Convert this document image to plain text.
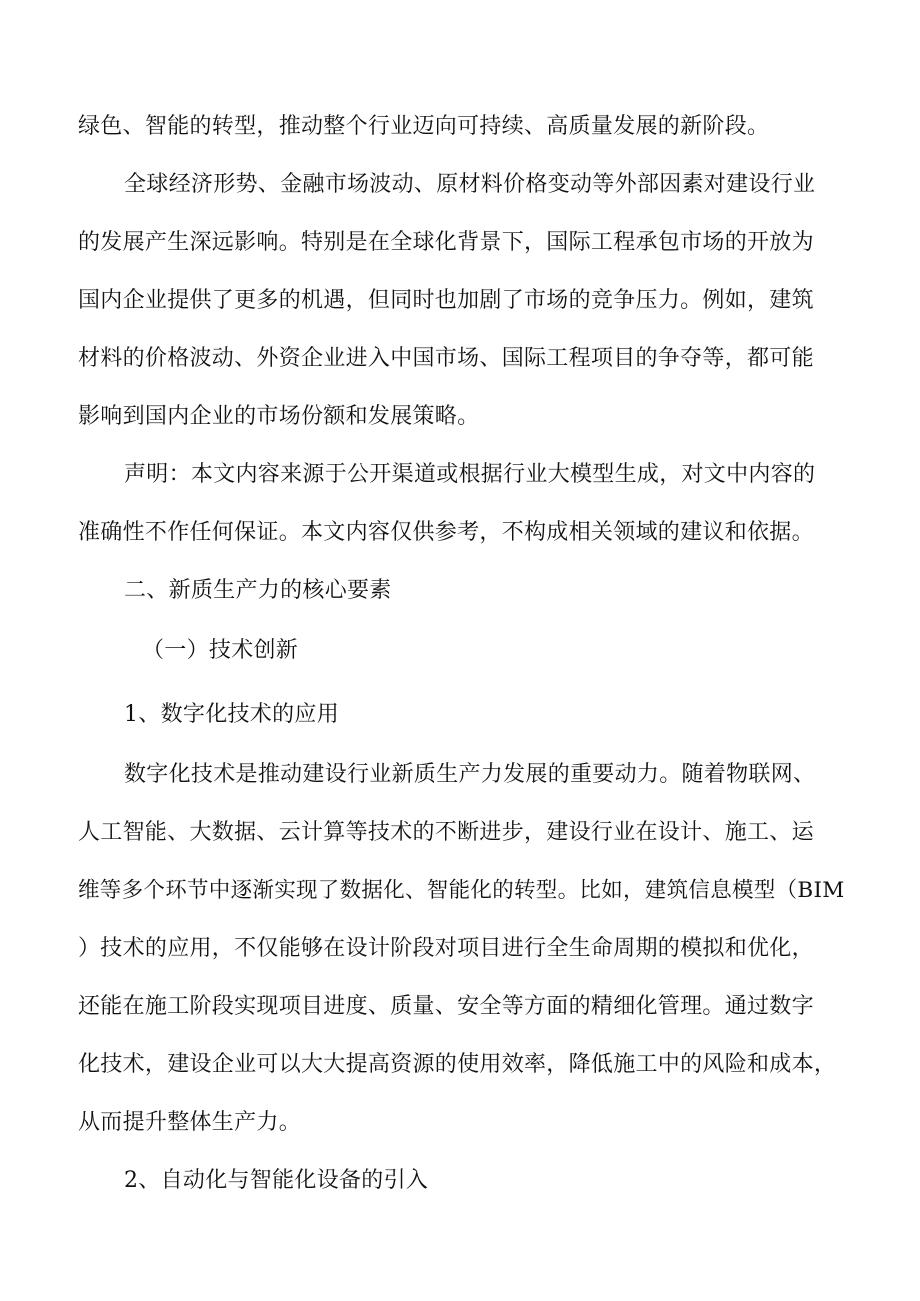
绿色、智能的转型，推动整个行业迈向可持续、高质量发展的新阶段。

全球经济形势、金融市场波动、原材料价格变动等外部因素对建设行业

的发展产生深远影响。特别是在全球化背景下，国际工程承包市场的开放为

国内企业提供了更多的机遇，但同时也加剧了市场的竞争压力。例如，建筑

材料的价格波动、外资企业进入中国市场、国际工程项目的争夺等，都可能

影响到国内企业的市场份额和发展策略。

声明：本文内容来源于公开渠道或根据行业大模型生成，对文中内容的

准确性不作任何保证。本文内容仅供参考，不构成相关领域的建议和依据。

二、新质生产力的核心要素

（一）技术创新

1、数字化技术的应用

数字化技术是推动建设行业新质生产力发展的重要动力。随着物联网、

人工智能、大数据、云计算等技术的不断进步，建设行业在设计、施工、运

维等多个环节中逐渐实现了数据化、智能化的转型。比如，建筑信息模型（BIM

）技术的应用，不仅能够在设计阶段对项目进行全生命周期的模拟和优化，

还能在施工阶段实现项目进度、质量、安全等方面的精细化管理。通过数字

化技术，建设企业可以大大提高资源的使用效率，降低施工中的风险和成本，

从而提升整体生产力。

2、自动化与智能化设备的引入
